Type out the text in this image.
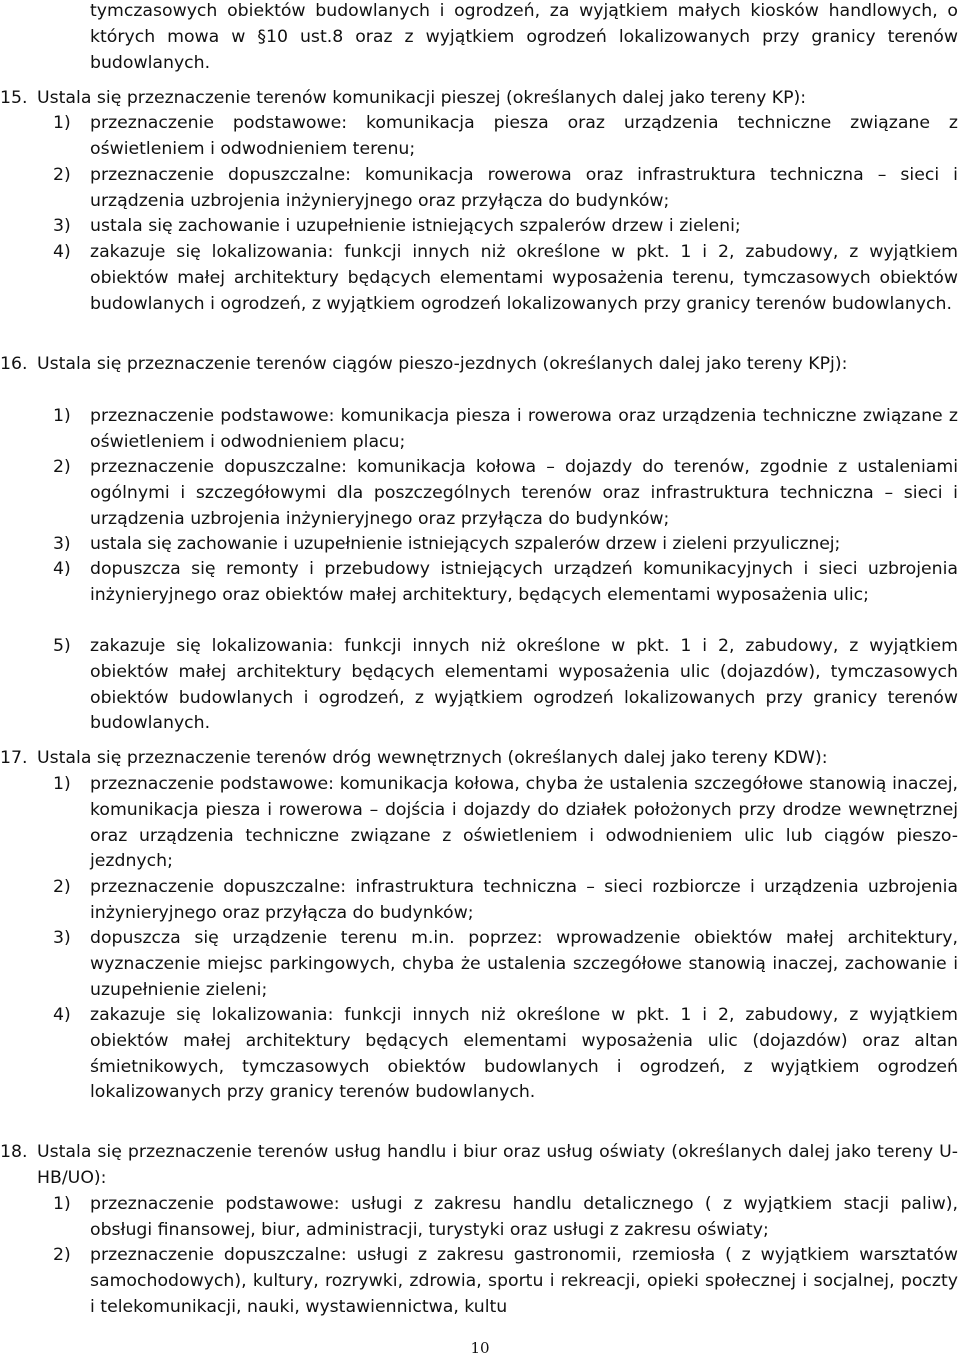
tymczasowych obiektów budowlanych i ogrodzeń, za wyjątkiem małych kiosków handlowych, o których mowa w §10 ust.8 oraz z wyjątkiem ogrodzeń lokalizowanych przy granicy terenów budowlanych.
15. Ustala się przeznaczenie terenów komunikacji pieszej (określanych dalej jako tereny KP):
1) przeznaczenie podstawowe: komunikacja piesza oraz urządzenia techniczne związane z oświetleniem i odwodnieniem terenu;
2) przeznaczenie dopuszczalne: komunikacja rowerowa oraz infrastruktura techniczna – sieci i urządzenia uzbrojenia inżynieryjnego oraz przyłącza do budynków;
3) ustala się zachowanie i uzupełnienie istniejących szpalerów drzew i zieleni;
4) zakazuje się lokalizowania: funkcji innych niż określone w pkt. 1 i 2, zabudowy, z wyjątkiem obiektów małej architektury będących elementami wyposażenia terenu, tymczasowych obiektów budowlanych i ogrodzeń, z wyjątkiem ogrodzeń lokalizowanych przy granicy terenów budowlanych.
16. Ustala się przeznaczenie terenów ciągów pieszo-jezdnych (określanych dalej jako tereny KPj):
1) przeznaczenie podstawowe: komunikacja piesza i rowerowa oraz urządzenia techniczne związane z oświetleniem i odwodnieniem placu;
2) przeznaczenie dopuszczalne: komunikacja kołowa – dojazdy do terenów, zgodnie z ustaleniami ogólnymi i szczegółowymi dla poszczególnych terenów oraz infrastruktura techniczna – sieci i urządzenia uzbrojenia inżynieryjnego oraz przyłącza do budynków;
3) ustala się zachowanie i uzupełnienie istniejących szpalerów drzew i zieleni przyulicznej;
4) dopuszcza się remonty i przebudowy istniejących urządzeń komunikacyjnych i sieci uzbrojenia inżynieryjnego oraz obiektów małej architektury, będących elementami wyposażenia ulic;
5) zakazuje się lokalizowania: funkcji innych niż określone w pkt. 1 i 2, zabudowy, z wyjątkiem obiektów małej architektury będących elementami wyposażenia ulic (dojazdów), tymczasowych obiektów budowlanych i ogrodzeń, z wyjątkiem ogrodzeń lokalizowanych przy granicy terenów budowlanych.
17. Ustala się przeznaczenie terenów dróg wewnętrznych (określanych dalej jako tereny KDW):
1) przeznaczenie podstawowe: komunikacja kołowa, chyba że ustalenia szczegółowe stanowią inaczej, komunikacja piesza i rowerowa – dojścia i dojazdy do działek położonych przy drodze wewnętrznej oraz urządzenia techniczne związane z oświetleniem i odwodnieniem ulic lub ciągów pieszo-jezdnych;
2) przeznaczenie dopuszczalne: infrastruktura techniczna – sieci rozbiorcze i urządzenia uzbrojenia inżynieryjnego oraz przyłącza do budynków;
3) dopuszcza się urządzenie terenu m.in. poprzez: wprowadzenie obiektów małej architektury, wyznaczenie miejsc parkingowych, chyba że ustalenia szczegółowe stanowią inaczej, zachowanie i uzupełnienie zieleni;
4) zakazuje się lokalizowania: funkcji innych niż określone w pkt. 1 i 2, zabudowy, z wyjątkiem obiektów małej architektury będących elementami wyposażenia ulic (dojazdów) oraz altan śmietnikowych, tymczasowych obiektów budowlanych i ogrodzeń, z wyjątkiem ogrodzeń lokalizowanych przy granicy terenów budowlanych.
18. Ustala się przeznaczenie terenów usług handlu i biur oraz usług oświaty (określanych dalej jako tereny U-HB/UO):
1) przeznaczenie podstawowe: usługi z zakresu handlu detalicznego ( z wyjątkiem stacji paliw), obsługi finansowej, biur, administracji, turystyki oraz usługi z zakresu oświaty;
2) przeznaczenie dopuszczalne: usługi z zakresu gastronomii, rzemiosła ( z wyjątkiem warsztatów samochodowych), kultury, rozrywki, zdrowia, sportu i rekreacji, opieki społecznej i socjalnej, poczty i telekomunikacji, nauki, wystawiennictwa, kultu
10
